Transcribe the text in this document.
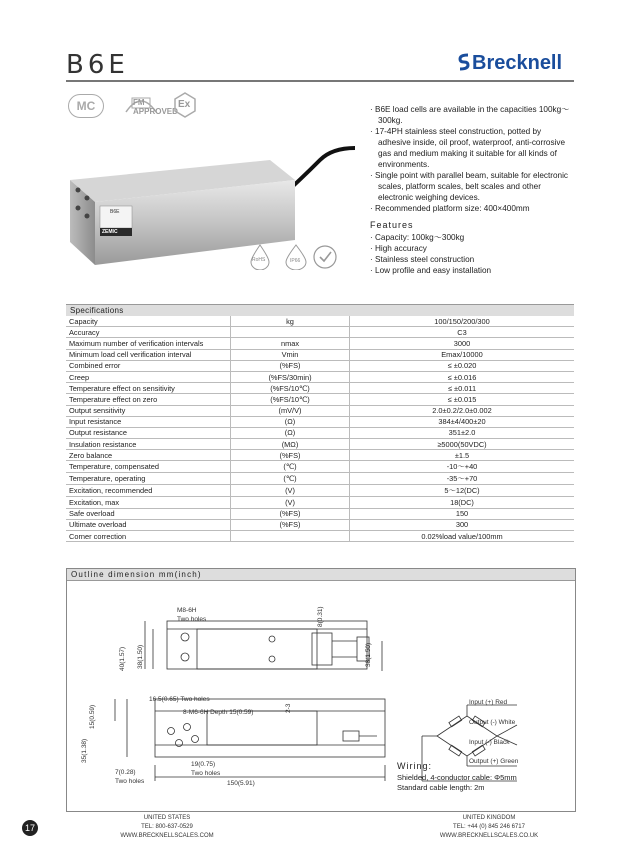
B6E	Brecknell
MC	FM APPROVED
Ex
ZEMIC
B6E
RoHS	IP66
· B6E load cells are available in the capacities 100kg～300kg.
· 17-4PH stainless steel construction, potted by adhesive inside, oil proof, waterproof, anti-corrosive gas and medium making it suitable for all kinds of environments.
· Single point with parallel beam, suitable for electronic scales, platform scales, belt scales and other electronic weighing devices.
· Recommended platform size: 400×400mm
Features
· Capacity: 100kg～300kg
· High accuracy
· Stainless steel construction
· Low profile and easy installation
Specifications
Capacity	kg	100/150/200/300
Accuracy		C3
Maximum number of verification intervals	nmax	3000
Minimum load cell verification interval	Vmin	Emax/10000
Combined error	(%FS)	≤ ±0.020
Creep	(%FS/30min)	≤ ±0.016
Temperature effect on sensitivity	(%FS/10℃)	≤ ±0.011
Temperature effect on zero	(%FS/10℃)	≤ ±0.015
Output sensitivity	(mV/V)	2.0±0.2/2.0±0.002
Input resistance	(Ω)	384±4/400±20
Output resistance	(Ω)	351±2.0
Insulation resistance	(MΩ)	≥5000(50VDC)
Zero balance	(%FS)	±1.5
Temperature, compensated	(℃)	-10～+40
Temperature, operating	(℃)	-35～+70
Excitation, recommended	(V)	5～12(DC)
Excitation, max	(V)	18(DC)
Safe overload	(%FS)	150
Ultimate overload	(%FS)	300
Corner correction		0.02%load value/100mm
Outline dimension mm(inch)
M8-6H
Two holes
40(1.57) 38(1.50)
8(0.31)
38(1.50)
15(0.59)
16.5(0.65) Two holes
8-M6-6H Depth 15(0.59)	2-3
35(1.38)
19(0.75)
Two holes
7(0.28)
Two holes	150(5.91)
Input (+) Red
Output (-) White
Input (-) Black
Output (+) Green
Wiring:
Shielded, 4-conductor cable: Φ5mm
Standard cable length: 2m
UNITED STATES
TEL: 800-637-0529
WWW.BRECKNELLSCALES.COM
UNITED KINGDOM
TEL: +44 (0) 845 246 6717
WWW.BRECKNELLSCALES.CO.UK
17
